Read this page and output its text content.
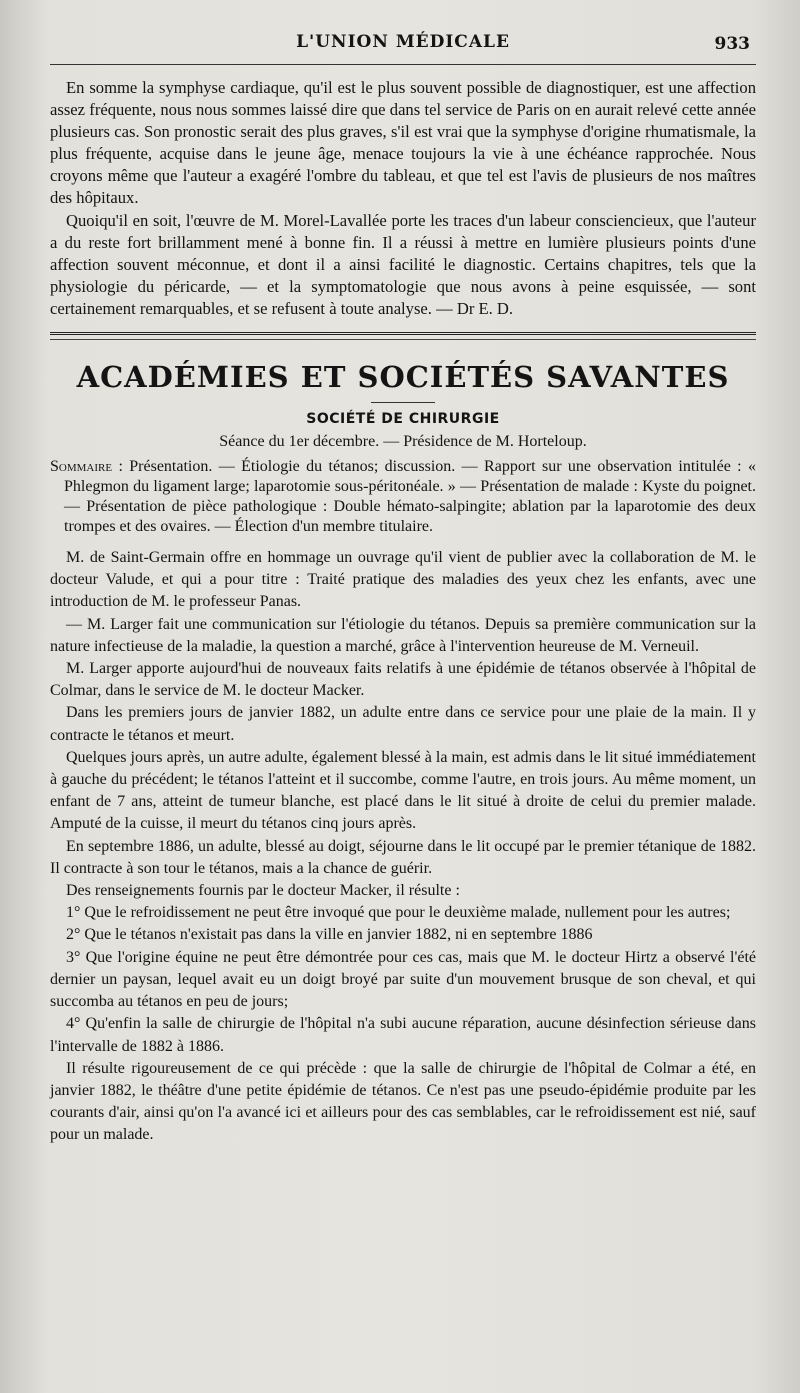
L'UNION MÉDICALE	933

En somme la symphyse cardiaque, qu'il est le plus souvent possible de diagnostiquer, est une affection assez fréquente, nous nous sommes laissé dire que dans tel service de Paris on en aurait relevé cette année plusieurs cas. Son pronostic serait des plus graves, s'il est vrai que la symphyse d'origine rhumatismale, la plus fréquente, acquise dans le jeune âge, menace toujours la vie à une échéance rapprochée. Nous croyons même que l'auteur a exagéré l'ombre du tableau, et que tel est l'avis de plusieurs de nos maîtres des hôpitaux.

Quoiqu'il en soit, l'œuvre de M. Morel-Lavallée porte les traces d'un labeur consciencieux, que l'auteur a du reste fort brillamment mené à bonne fin. Il a réussi à mettre en lumière plusieurs points d'une affection souvent méconnue, et dont il a ainsi facilité le diagnostic. Certains chapitres, tels que la physiologie du péricarde, — et la symptomatologie que nous avons à peine esquissée, — sont certainement remarquables, et se refusent à toute analyse. — Dr E. D.

ACADÉMIES ET SOCIÉTÉS SAVANTES
SOCIÉTÉ DE CHIRURGIE
Séance du 1er décembre. — Présidence de M. Horteloup.
Sommaire : Présentation. — Étiologie du tétanos; discussion. — Rapport sur une observation intitulée : « Phlegmon du ligament large; laparotomie sous-péritonéale. » — Présentation de malade : Kyste du poignet. — Présentation de pièce pathologique : Double hémato-salpingite; ablation par la laparotomie des deux trompes et des ovaires. — Élection d'un membre titulaire.

M. de Saint-Germain offre en hommage un ouvrage qu'il vient de publier avec la collaboration de M. le docteur Valude, et qui a pour titre : Traité pratique des maladies des yeux chez les enfants, avec une introduction de M. le professeur Panas.

— M. Larger fait une communication sur l'étiologie du tétanos. Depuis sa première communication sur la nature infectieuse de la maladie, la question a marché, grâce à l'intervention heureuse de M. Verneuil.

M. Larger apporte aujourd'hui de nouveaux faits relatifs à une épidémie de tétanos observée à l'hôpital de Colmar, dans le service de M. le docteur Macker.

Dans les premiers jours de janvier 1882, un adulte entre dans ce service pour une plaie de la main. Il y contracte le tétanos et meurt.

Quelques jours après, un autre adulte, également blessé à la main, est admis dans le lit situé immédiatement à gauche du précédent; le tétanos l'atteint et il succombe, comme l'autre, en trois jours. Au même moment, un enfant de 7 ans, atteint de tumeur blanche, est placé dans le lit situé à droite de celui du premier malade. Amputé de la cuisse, il meurt du tétanos cinq jours après.

En septembre 1886, un adulte, blessé au doigt, séjourne dans le lit occupé par le premier tétanique de 1882. Il contracte à son tour le tétanos, mais a la chance de guérir.

Des renseignements fournis par le docteur Macker, il résulte :

1° Que le refroidissement ne peut être invoqué que pour le deuxième malade, nullement pour les autres;

2° Que le tétanos n'existait pas dans la ville en janvier 1882, ni en septembre 1886

3° Que l'origine équine ne peut être démontrée pour ces cas, mais que M. le docteur Hirtz a observé l'été dernier un paysan, lequel avait eu un doigt broyé par suite d'un mouvement brusque de son cheval, et qui succomba au tétanos en peu de jours;

4° Qu'enfin la salle de chirurgie de l'hôpital n'a subi aucune réparation, aucune désinfection sérieuse dans l'intervalle de 1882 à 1886.

Il résulte rigoureusement de ce qui précède : que la salle de chirurgie de l'hôpital de Colmar a été, en janvier 1882, le théâtre d'une petite épidémie de tétanos. Ce n'est pas une pseudo-épidémie produite par les courants d'air, ainsi qu'on l'a avancé ici et ailleurs pour des cas semblables, car le refroidissement est nié, sauf pour un malade.
